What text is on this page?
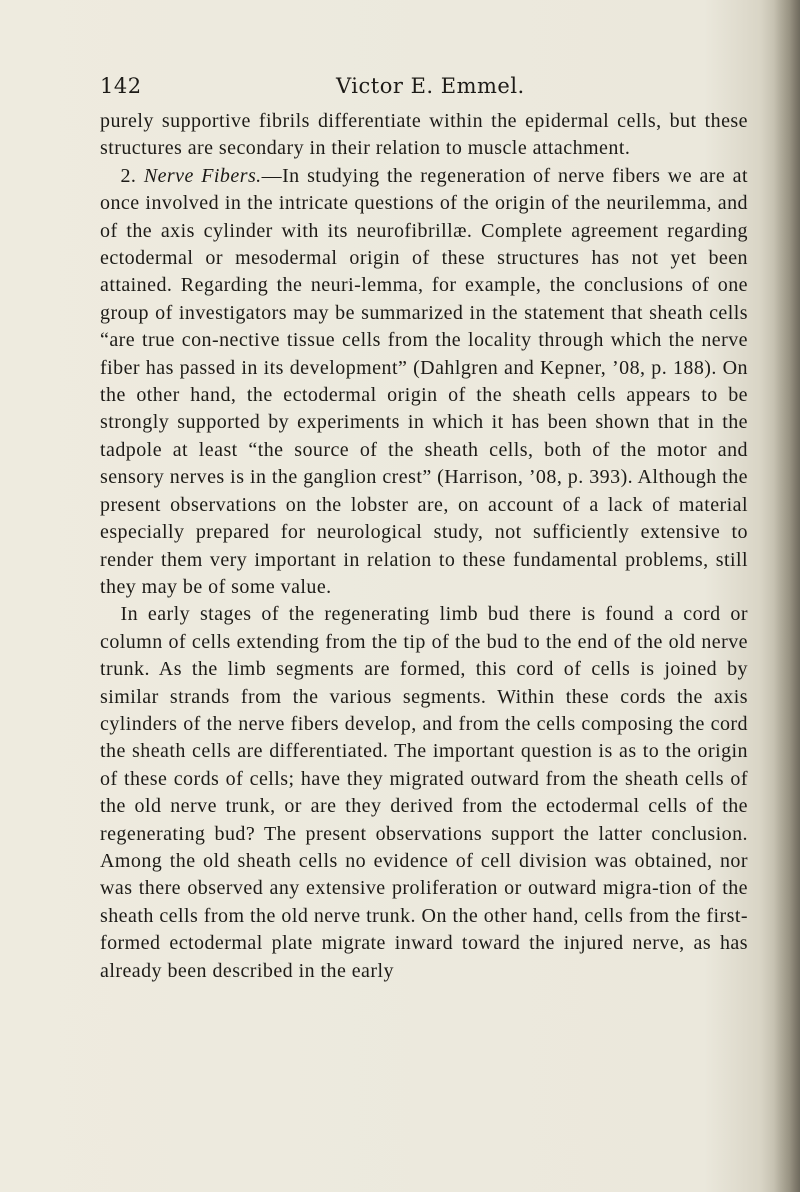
142	Victor E. Emmel.

purely supportive fibrils differentiate within the epidermal cells, but these structures are secondary in their relation to muscle attachment.

 2. Nerve Fibers.—In studying the regeneration of nerve fibers we are at once involved in the intricate questions of the origin of the neurilemma, and of the axis cylinder with its neurofibrillæ. Complete agreement regarding ectodermal or mesodermal origin of these structures has not yet been attained. Regarding the neuri-lemma, for example, the conclusions of one group of investigators may be summarized in the statement that sheath cells “are true con-nective tissue cells from the locality through which the nerve fiber has passed in its development” (Dahlgren and Kepner, ’08, p. 188). On the other hand, the ectodermal origin of the sheath cells appears to be strongly supported by experiments in which it has been shown that in the tadpole at least “the source of the sheath cells, both of the motor and sensory nerves is in the ganglion crest” (Harrison, ’08, p. 393). Although the present observations on the lobster are, on account of a lack of material especially prepared for neurological study, not sufficiently extensive to render them very important in relation to these fundamental problems, still they may be of some value.

 In early stages of the regenerating limb bud there is found a cord or column of cells extending from the tip of the bud to the end of the old nerve trunk. As the limb segments are formed, this cord of cells is joined by similar strands from the various segments. Within these cords the axis cylinders of the nerve fibers develop, and from the cells composing the cord the sheath cells are differentiated. The important question is as to the origin of these cords of cells; have they migrated outward from the sheath cells of the old nerve trunk, or are they derived from the ectodermal cells of the regenerating bud? The present observations support the latter conclusion. Among the old sheath cells no evidence of cell division was obtained, nor was there observed any extensive proliferation or outward migra-tion of the sheath cells from the old nerve trunk. On the other hand, cells from the first-formed ectodermal plate migrate inward toward the injured nerve, as has already been described in the early
